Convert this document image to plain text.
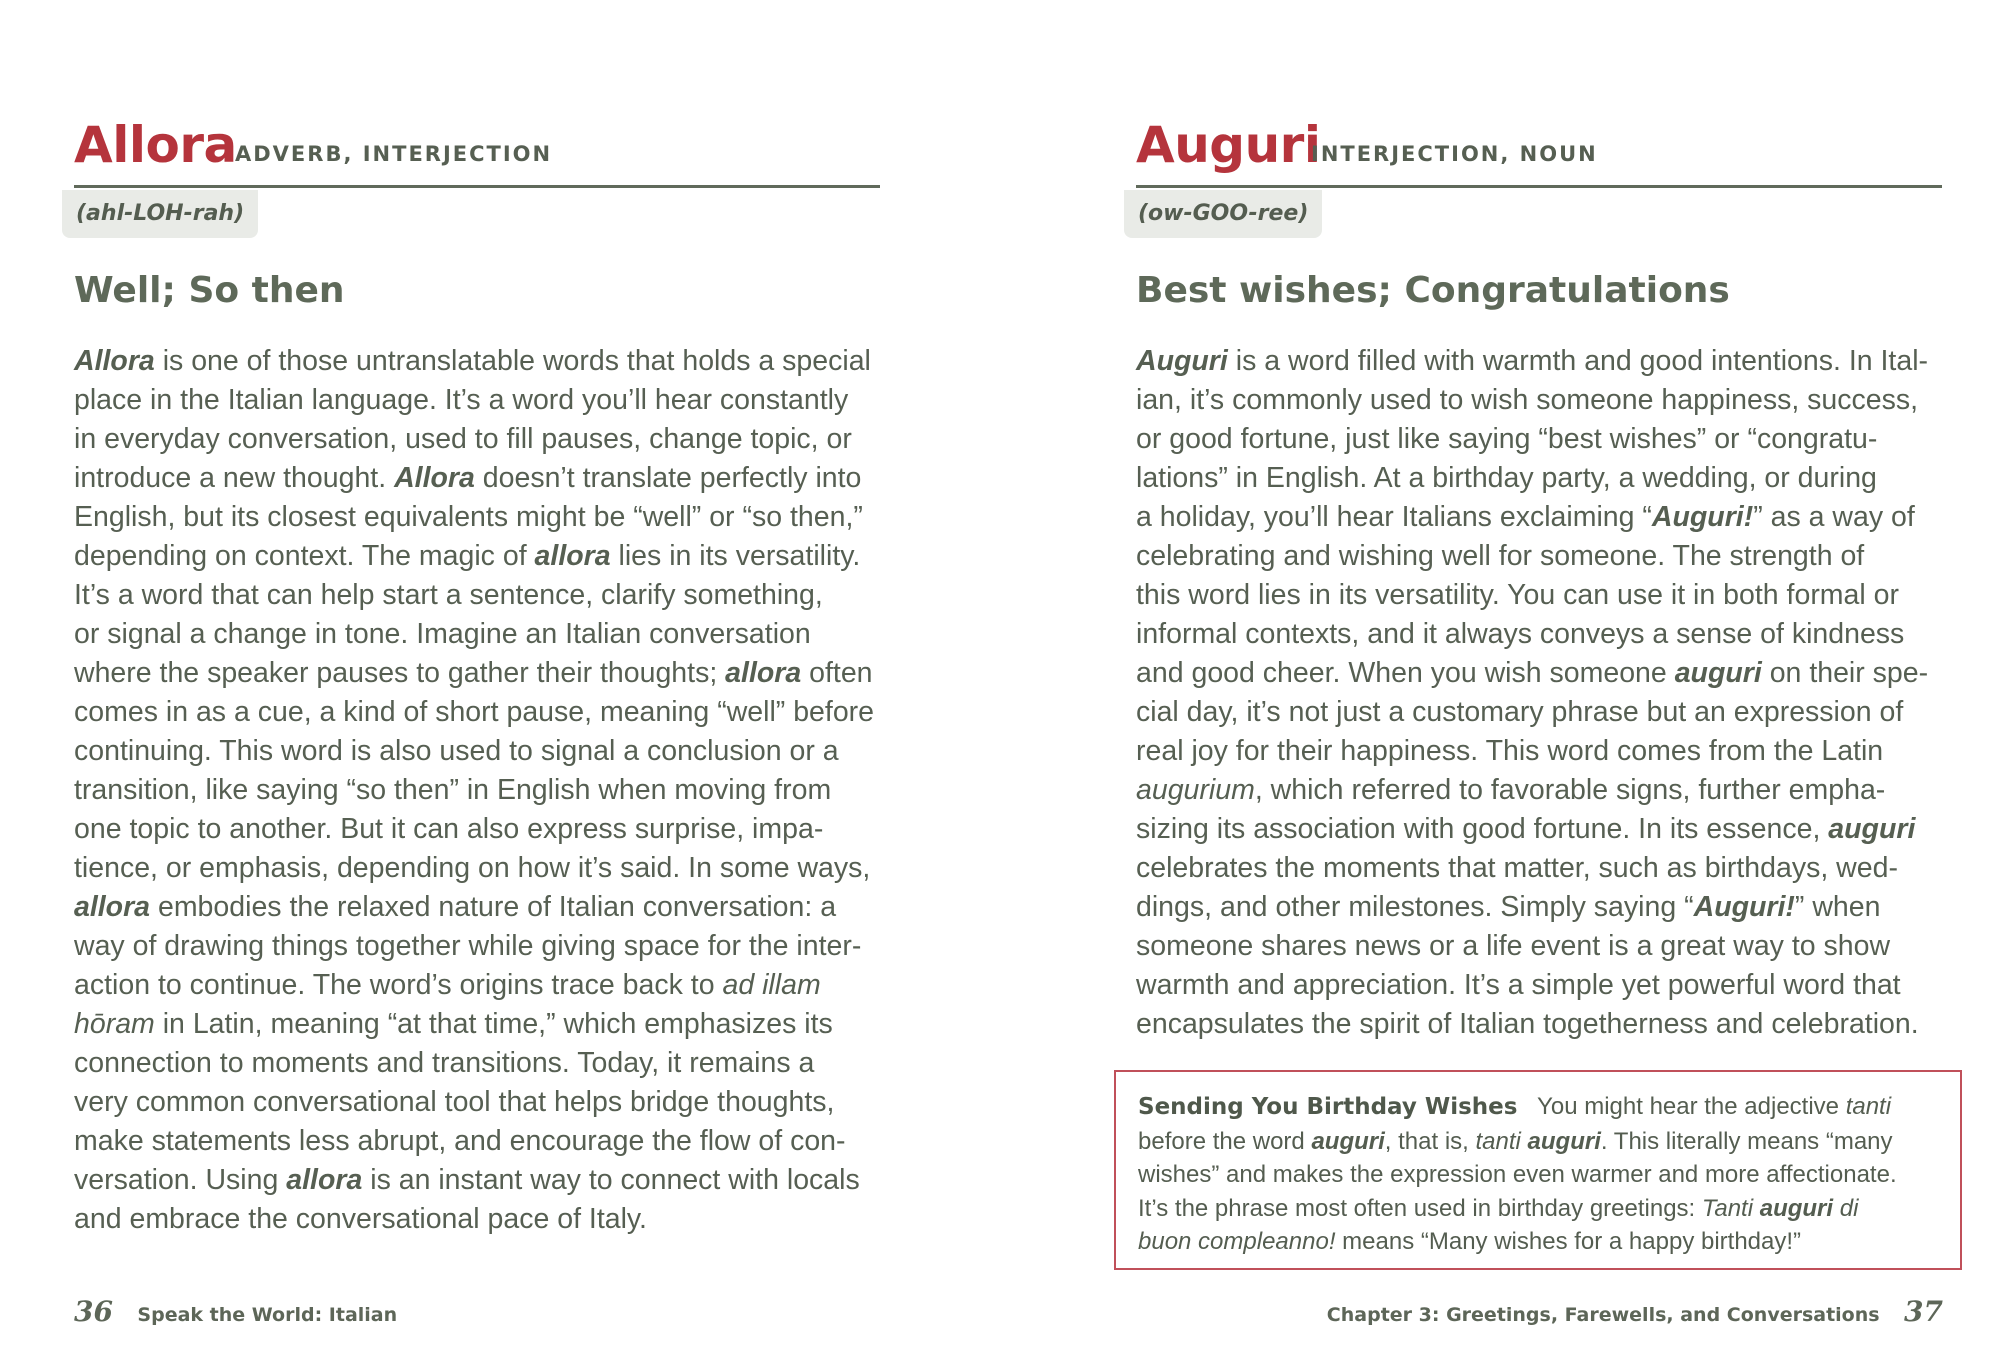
Allora
ADVERB, INTERJECTION
(ahl-LOH-rah)
Well; So then
Allora is one of those untranslatable words that holds a special
place in the Italian language. It’s a word you’ll hear constantly
in everyday conversation, used to fill pauses, change topic, or
introduce a new thought. Allora doesn’t translate perfectly into
English, but its closest equivalents might be “well” or “so then,”
depending on context. The magic of allora lies in its versatility.
It’s a word that can help start a sentence, clarify something,
or signal a change in tone. Imagine an Italian conversation
where the speaker pauses to gather their thoughts; allora often
comes in as a cue, a kind of short pause, meaning “well” before
continuing. This word is also used to signal a conclusion or a
transition, like saying “so then” in English when moving from
one topic to another. But it can also express surprise, impa-
tience, or emphasis, depending on how it’s said. In some ways,
allora embodies the relaxed nature of Italian conversation: a
way of drawing things together while giving space for the inter-
action to continue. The word’s origins trace back to ad illam
hōram in Latin, meaning “at that time,” which emphasizes its
connection to moments and transitions. Today, it remains a
very common conversational tool that helps bridge thoughts,
make statements less abrupt, and encourage the flow of con-
versation. Using allora is an instant way to connect with locals
and embrace the conversational pace of Italy.
Auguri
INTERJECTION, NOUN
(ow-GOO-ree)
Best wishes; Congratulations
Auguri is a word filled with warmth and good intentions. In Ital-
ian, it’s commonly used to wish someone happiness, success,
or good fortune, just like saying “best wishes” or “congratu-
lations” in English. At a birthday party, a wedding, or during
a holiday, you’ll hear Italians exclaiming “Auguri!” as a way of
celebrating and wishing well for someone. The strength of
this word lies in its versatility. You can use it in both formal or
informal contexts, and it always conveys a sense of kindness
and good cheer. When you wish someone auguri on their spe-
cial day, it’s not just a customary phrase but an expression of
real joy for their happiness. This word comes from the Latin
augurium, which referred to favorable signs, further empha-
sizing its association with good fortune. In its essence, auguri
celebrates the moments that matter, such as birthdays, wed-
dings, and other milestones. Simply saying “Auguri!” when
someone shares news or a life event is a great way to show
warmth and appreciation. It’s a simple yet powerful word that
encapsulates the spirit of Italian togetherness and celebration.
Sending You Birthday Wishes   You might hear the adjective tanti
before the word auguri, that is, tanti auguri. This literally means “many
wishes” and makes the expression even warmer and more affectionate.
It’s the phrase most often used in birthday greetings: Tanti auguri di
buon compleanno! means “Many wishes for a happy birthday!”
36 Speak the World: Italian	Chapter 3: Greetings, Farewells, and Conversations 37
